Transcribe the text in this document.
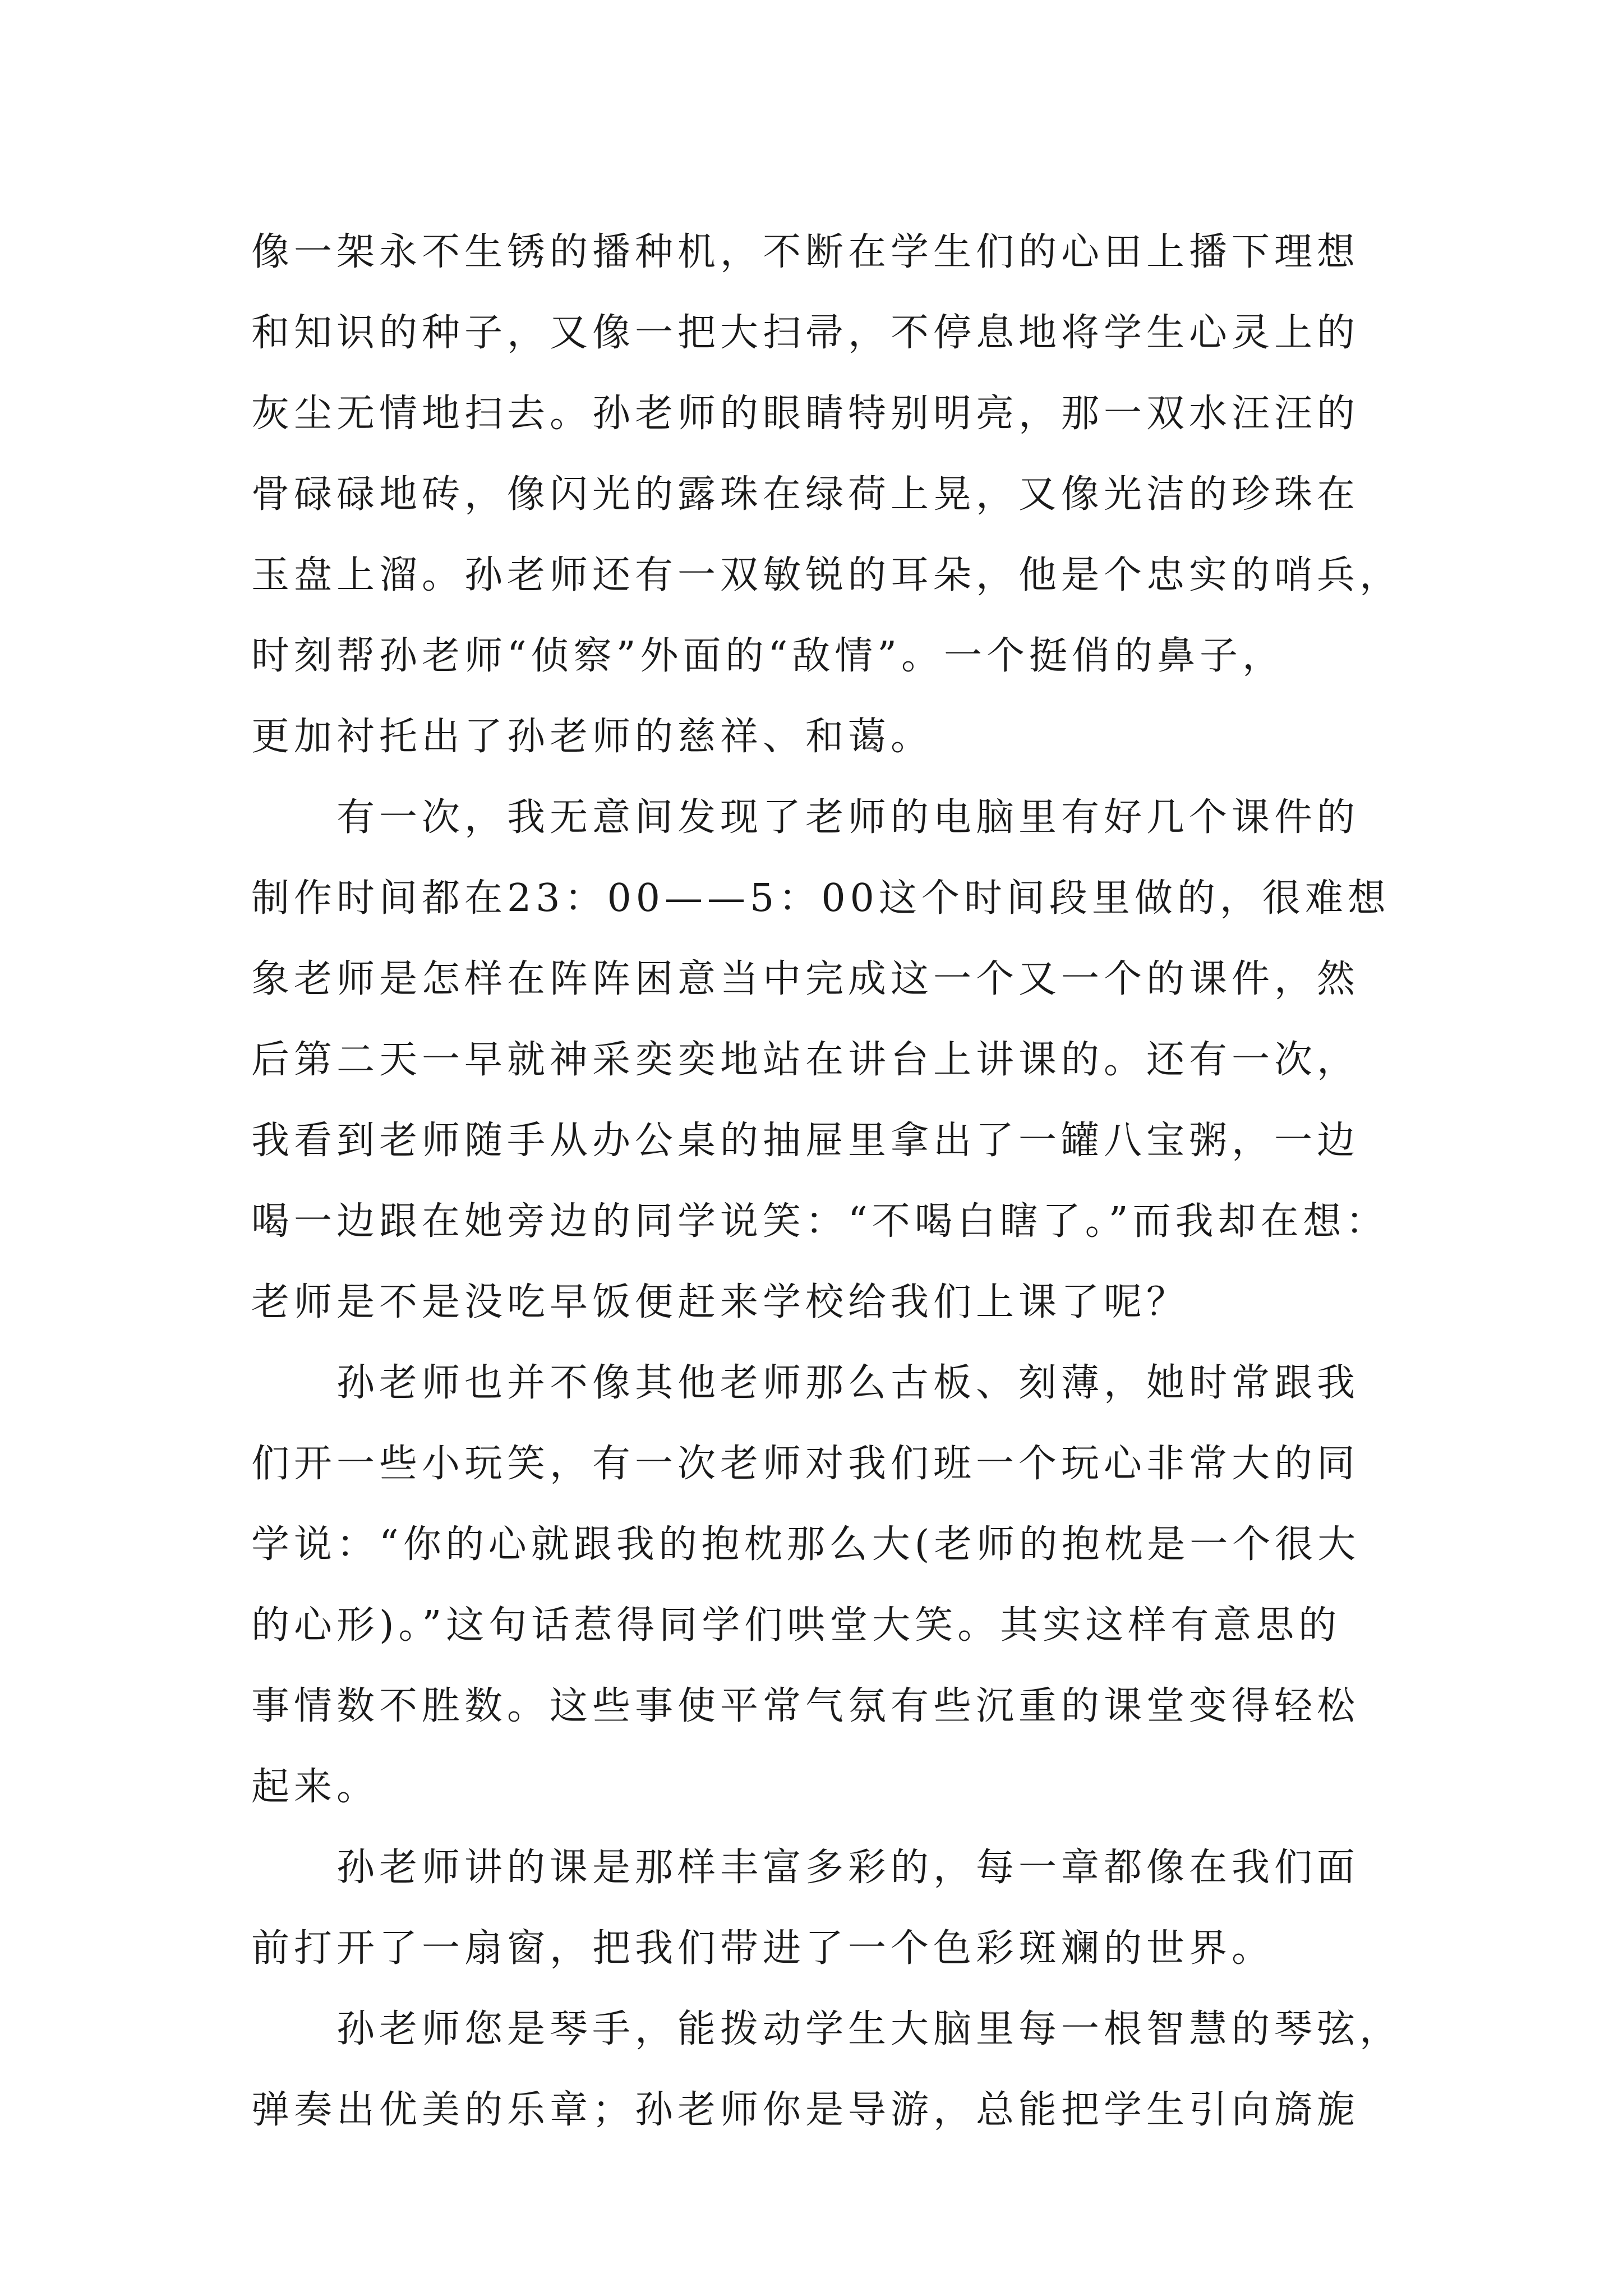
像一架永不生锈的播种机，不断在学生们的心田上播下理想
和知识的种子，又像一把大扫帚，不停息地将学生心灵上的
灰尘无情地扫去。孙老师的眼睛特别明亮，那一双水汪汪的
骨碌碌地砖，像闪光的露珠在绿荷上晃，又像光洁的珍珠在
玉盘上溜。孙老师还有一双敏锐的耳朵，他是个忠实的哨兵，
时刻帮孙老师“侦察”外面的“敌情”。一个挺俏的鼻子，
更加衬托出了孙老师的慈祥、和蔼。
有一次，我无意间发现了老师的电脑里有好几个课件的
制作时间都在23：00——5：00这个时间段里做的，很难想
象老师是怎样在阵阵困意当中完成这一个又一个的课件，然
后第二天一早就神采奕奕地站在讲台上讲课的。还有一次，
我看到老师随手从办公桌的抽屉里拿出了一罐八宝粥，一边
喝一边跟在她旁边的同学说笑：“不喝白瞎了。”而我却在想：
老师是不是没吃早饭便赶来学校给我们上课了呢？
孙老师也并不像其他老师那么古板、刻薄，她时常跟我
们开一些小玩笑，有一次老师对我们班一个玩心非常大的同
学说：“你的心就跟我的抱枕那么大(老师的抱枕是一个很大
的心形)。”这句话惹得同学们哄堂大笑。其实这样有意思的
事情数不胜数。这些事使平常气氛有些沉重的课堂变得轻松
起来。
孙老师讲的课是那样丰富多彩的，每一章都像在我们面
前打开了一扇窗，把我们带进了一个色彩斑斓的世界。
孙老师您是琴手，能拨动学生大脑里每一根智慧的琴弦，
弹奏出优美的乐章；孙老师你是导游，总能把学生引向旖旎
